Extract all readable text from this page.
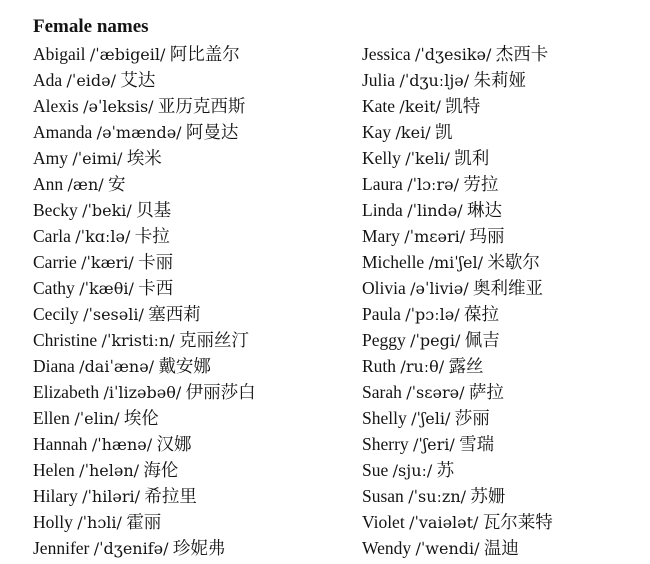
Female names
Abigail /ˈæbigeil/ 阿比盖尔
Ada /ˈeidə/ 艾达
Alexis /əˈleksis/ 亚历克西斯
Amanda /əˈmændə/ 阿曼达
Amy /ˈeimi/ 埃米
Ann /æn/ 安
Becky /ˈbeki/ 贝基
Carla /ˈkɑːlə/ 卡拉
Carrie /ˈkæri/ 卡丽
Cathy /ˈkæθi/ 卡西
Cecily /ˈsesəli/ 塞西莉
Christine /ˈkristiːn/ 克丽丝汀
Diana /daiˈænə/ 戴安娜
Elizabeth /iˈlizəbəθ/ 伊丽莎白
Ellen /ˈelin/ 埃伦
Hannah /ˈhænə/ 汉娜
Helen /ˈhelən/ 海伦
Hilary /ˈhiləri/ 希拉里
Holly /ˈhɔli/ 霍丽
Jennifer /ˈdʒenifə/ 珍妮弗
Jessica /ˈdʒesikə/ 杰西卡
Julia /ˈdʒuːljə/ 朱莉娅
Kate /keit/ 凯特
Kay /kei/ 凯
Kelly /ˈkeli/ 凯利
Laura /ˈlɔːrə/ 劳拉
Linda /ˈlində/ 琳达
Mary /ˈmɛəri/ 玛丽
Michelle /miˈʃel/ 米歇尔
Olivia /əˈliviə/ 奥利维亚
Paula /ˈpɔːlə/ 葆拉
Peggy /ˈpegi/ 佩吉
Ruth /ruːθ/ 露丝
Sarah /ˈsɛərə/ 萨拉
Shelly /ˈʃeli/ 莎丽
Sherry /ˈʃeri/ 雪瑞
Sue /sjuː/ 苏
Susan /ˈsuːzn/ 苏姗
Violet /ˈvaiələt/ 瓦尔莱特
Wendy /ˈwendi/ 温迪
